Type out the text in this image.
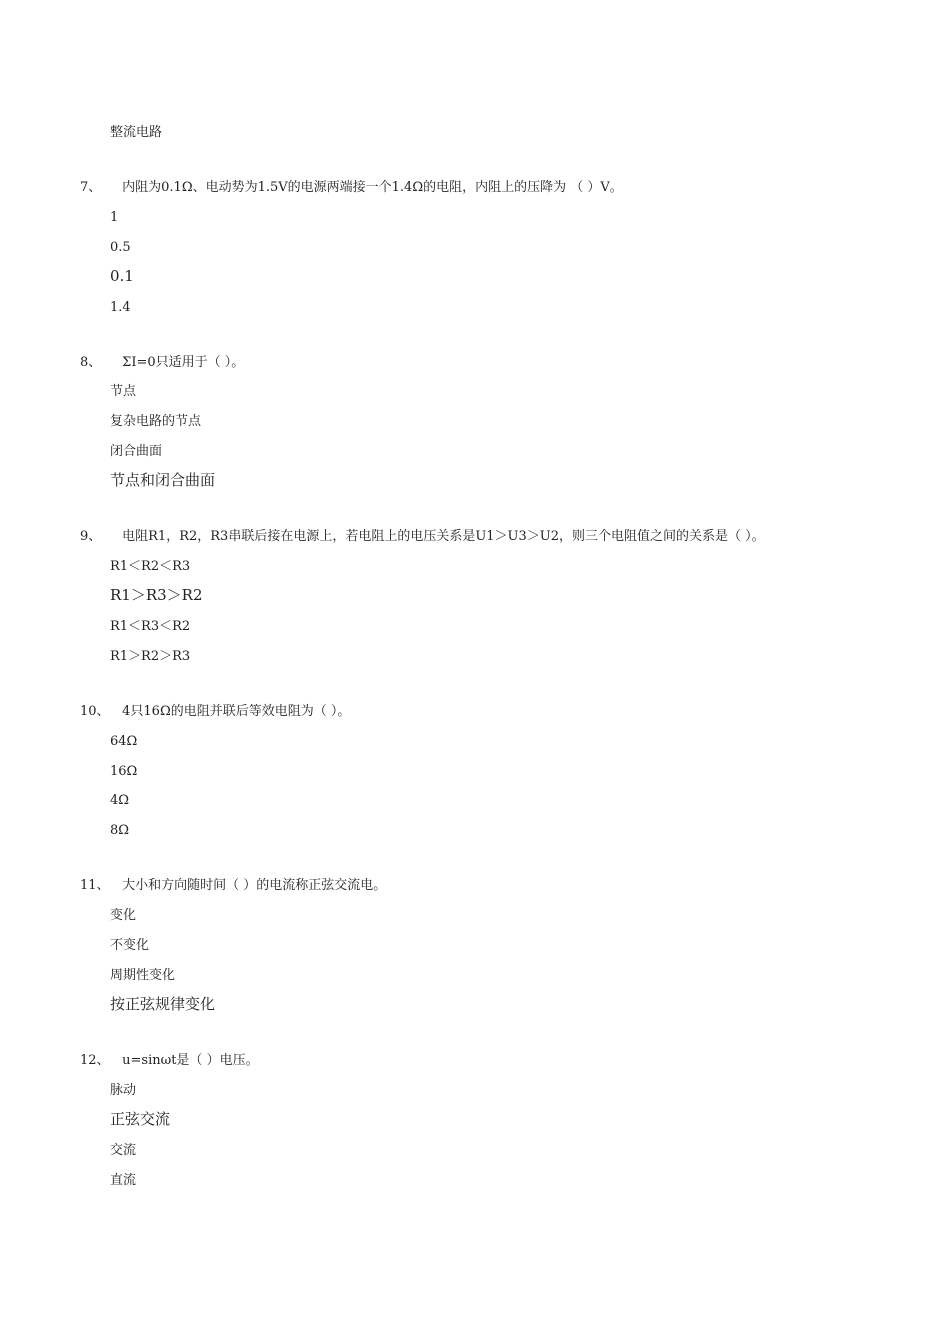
整流电路
7、 内阻为0.1Ω、电动势为1.5V的电源两端接一个1.4Ω的电阻，内阻上的压降为 （ ）V。
1
0.5
0.1
1.4
8、 ΣI=0只适用于（ ）。
节点
复杂电路的节点
闭合曲面
节点和闭合曲面
9、 电阻R1，R2，R3串联后接在电源上，若电阻上的电压关系是U1＞U3＞U2，则三个电阻值之间的关系是（ ）。
R1＜R2＜R3
R1＞R3＞R2
R1＜R3＜R2
R1＞R2＞R3
10、 4只16Ω的电阻并联后等效电阻为（ ）。
64Ω
16Ω
4Ω
8Ω
11、 大小和方向随时间（ ）的电流称正弦交流电。
变化
不变化
周期性变化
按正弦规律变化
12、 u=sinωt是（ ）电压。
脉动
正弦交流
交流
直流
